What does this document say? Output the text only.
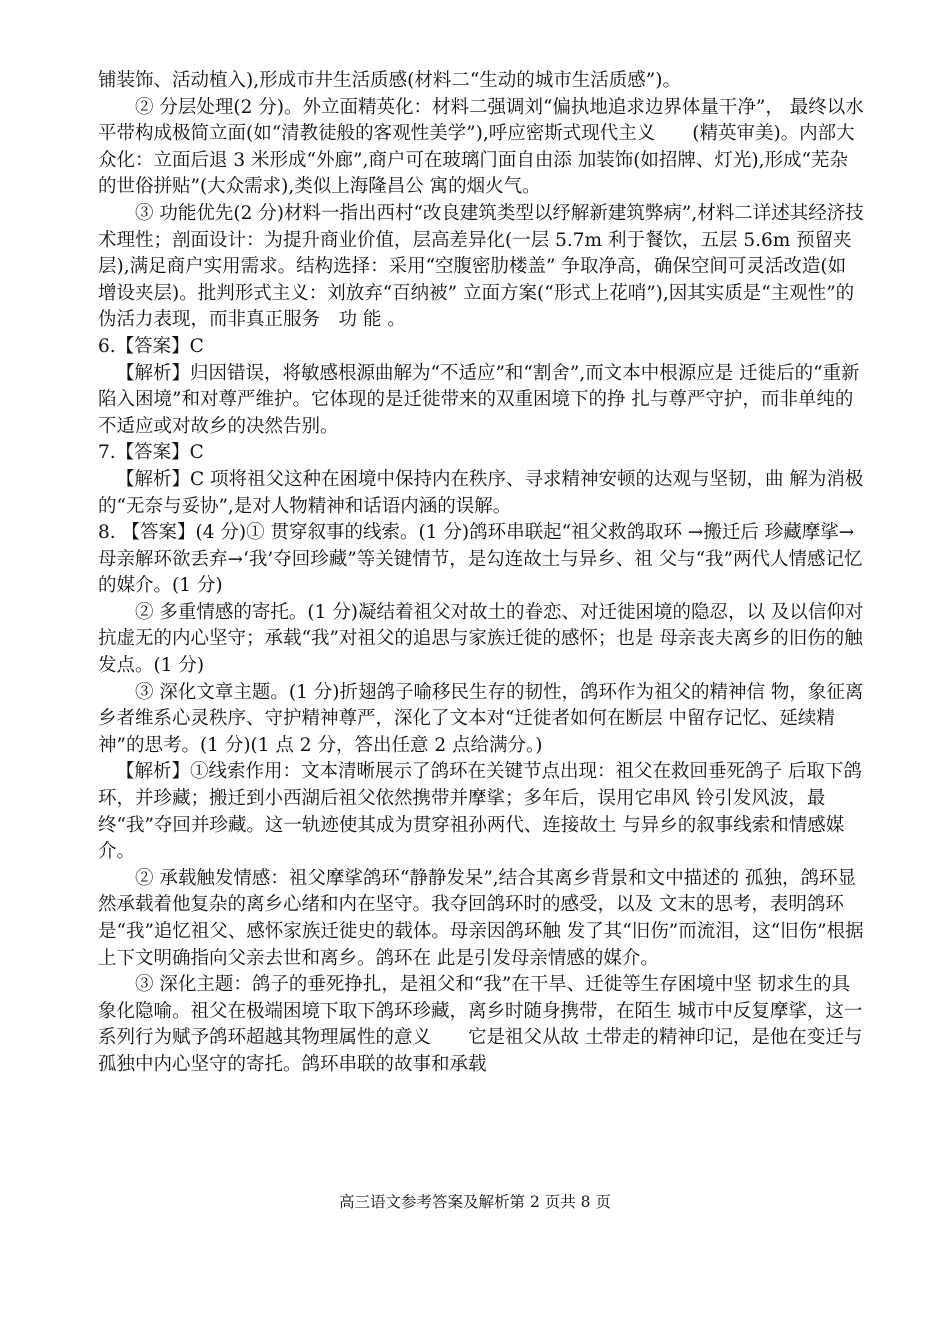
铺装饰、活动植入),形成市井生活质感(材料二“生动的城市生活质感”)。

② 分层处理(2 分)。外立面精英化：材料二强调刘“偏执地追求边界体量干净”， 最终以水平带构成极简立面(如“清教徒般的客观性美学”),呼应密斯式现代主义　　(精英审美)。内部大众化：立面后退 3 米形成“外廊”,商户可在玻璃门面自由添 加装饰(如招牌、灯光),形成“芜杂的世俗拼贴”(大众需求),类似上海隆昌公 寓的烟火气。

③ 功能优先(2 分)材料一指出西村“改良建筑类型以纾解新建筑弊病”,材料二详述其经济技术理性；剖面设计：为提升商业价值，层高差异化(一层 5.7m 利于餐饮，五层 5.6m 预留夹层),满足商户实用需求。结构选择：采用“空腹密肋楼盖” 争取净高，确保空间可灵活改造(如增设夹层)。批判形式主义：刘放弃“百纳被” 立面方案(“形式上花哨”),因其实质是“主观性”的伪活力表现，而非真正服务　功 能 。

6.【答案】C

【解析】归因错误，将敏感根源曲解为“不适应”和“割舍”,而文本中根源应是 迁徙后的“重新陷入困境”和对尊严维护。它体现的是迁徙带来的双重困境下的挣 扎与尊严守护，而非单纯的不适应或对故乡的决然告别。

7.【答案】C

【解析】C 项将祖父这种在困境中保持内在秩序、寻求精神安顿的达观与坚韧，曲 解为消极的“无奈与妥协”,是对人物精神和话语内涵的误解。

8. 【答案】(4 分)① 贯穿叙事的线索。(1 分)鸽环串联起“祖父救鸽取环 →搬迁后 珍藏摩挲→母亲解环欲丢弃→‘我’夺回珍藏”等关键情节，是勾连故土与异乡、祖 父与“我”两代人情感记忆的媒介。(1 分)

② 多重情感的寄托。(1 分)凝结着祖父对故土的眷恋、对迁徙困境的隐忍，以 及以信仰对抗虚无的内心坚守；承载“我”对祖父的追思与家族迁徙的感怀；也是 母亲丧夫离乡的旧伤的触发点。(1 分)

③ 深化文章主题。(1 分)折翅鸽子喻移民生存的韧性，鸽环作为祖父的精神信 物，象征离乡者维系心灵秩序、守护精神尊严，深化了文本对“迁徙者如何在断层 中留存记忆、延续精神”的思考。(1 分)(1 点 2 分，答出任意 2 点给满分。)

【解析】①线索作用：文本清晰展示了鸽环在关键节点出现：祖父在救回垂死鸽子 后取下鸽环，并珍藏；搬迁到小西湖后祖父依然携带并摩挲；多年后，误用它串风 铃引发风波，最终“我”夺回并珍藏。这一轨迹使其成为贯穿祖孙两代、连接故土 与异乡的叙事线索和情感媒介。

② 承载触发情感：祖父摩挲鸽环“静静发呆”,结合其离乡背景和文中描述的 孤独，鸽环显然承载着他复杂的离乡心绪和内在坚守。我夺回鸽环时的感受，以及 文末的思考，表明鸽环是“我”追忆祖父、感怀家族迁徙史的载体。母亲因鸽环触 发了其“旧伤”而流泪，这“旧伤”根据上下文明确指向父亲去世和离乡。鸽环在 此是引发母亲情感的媒介。

③ 深化主题：鸽子的垂死挣扎，是祖父和“我”在干旱、迁徙等生存困境中坚 韧求生的具象化隐喻。祖父在极端困境下取下鸽环珍藏，离乡时随身携带，在陌生 城市中反复摩挲，这一系列行为赋予鸽环超越其物理属性的意义　　它是祖父从故 土带走的精神印记，是他在变迁与孤独中内心坚守的寄托。鸽环串联的故事和承载

高三语文参考答案及解析第 2 页共 8 页
